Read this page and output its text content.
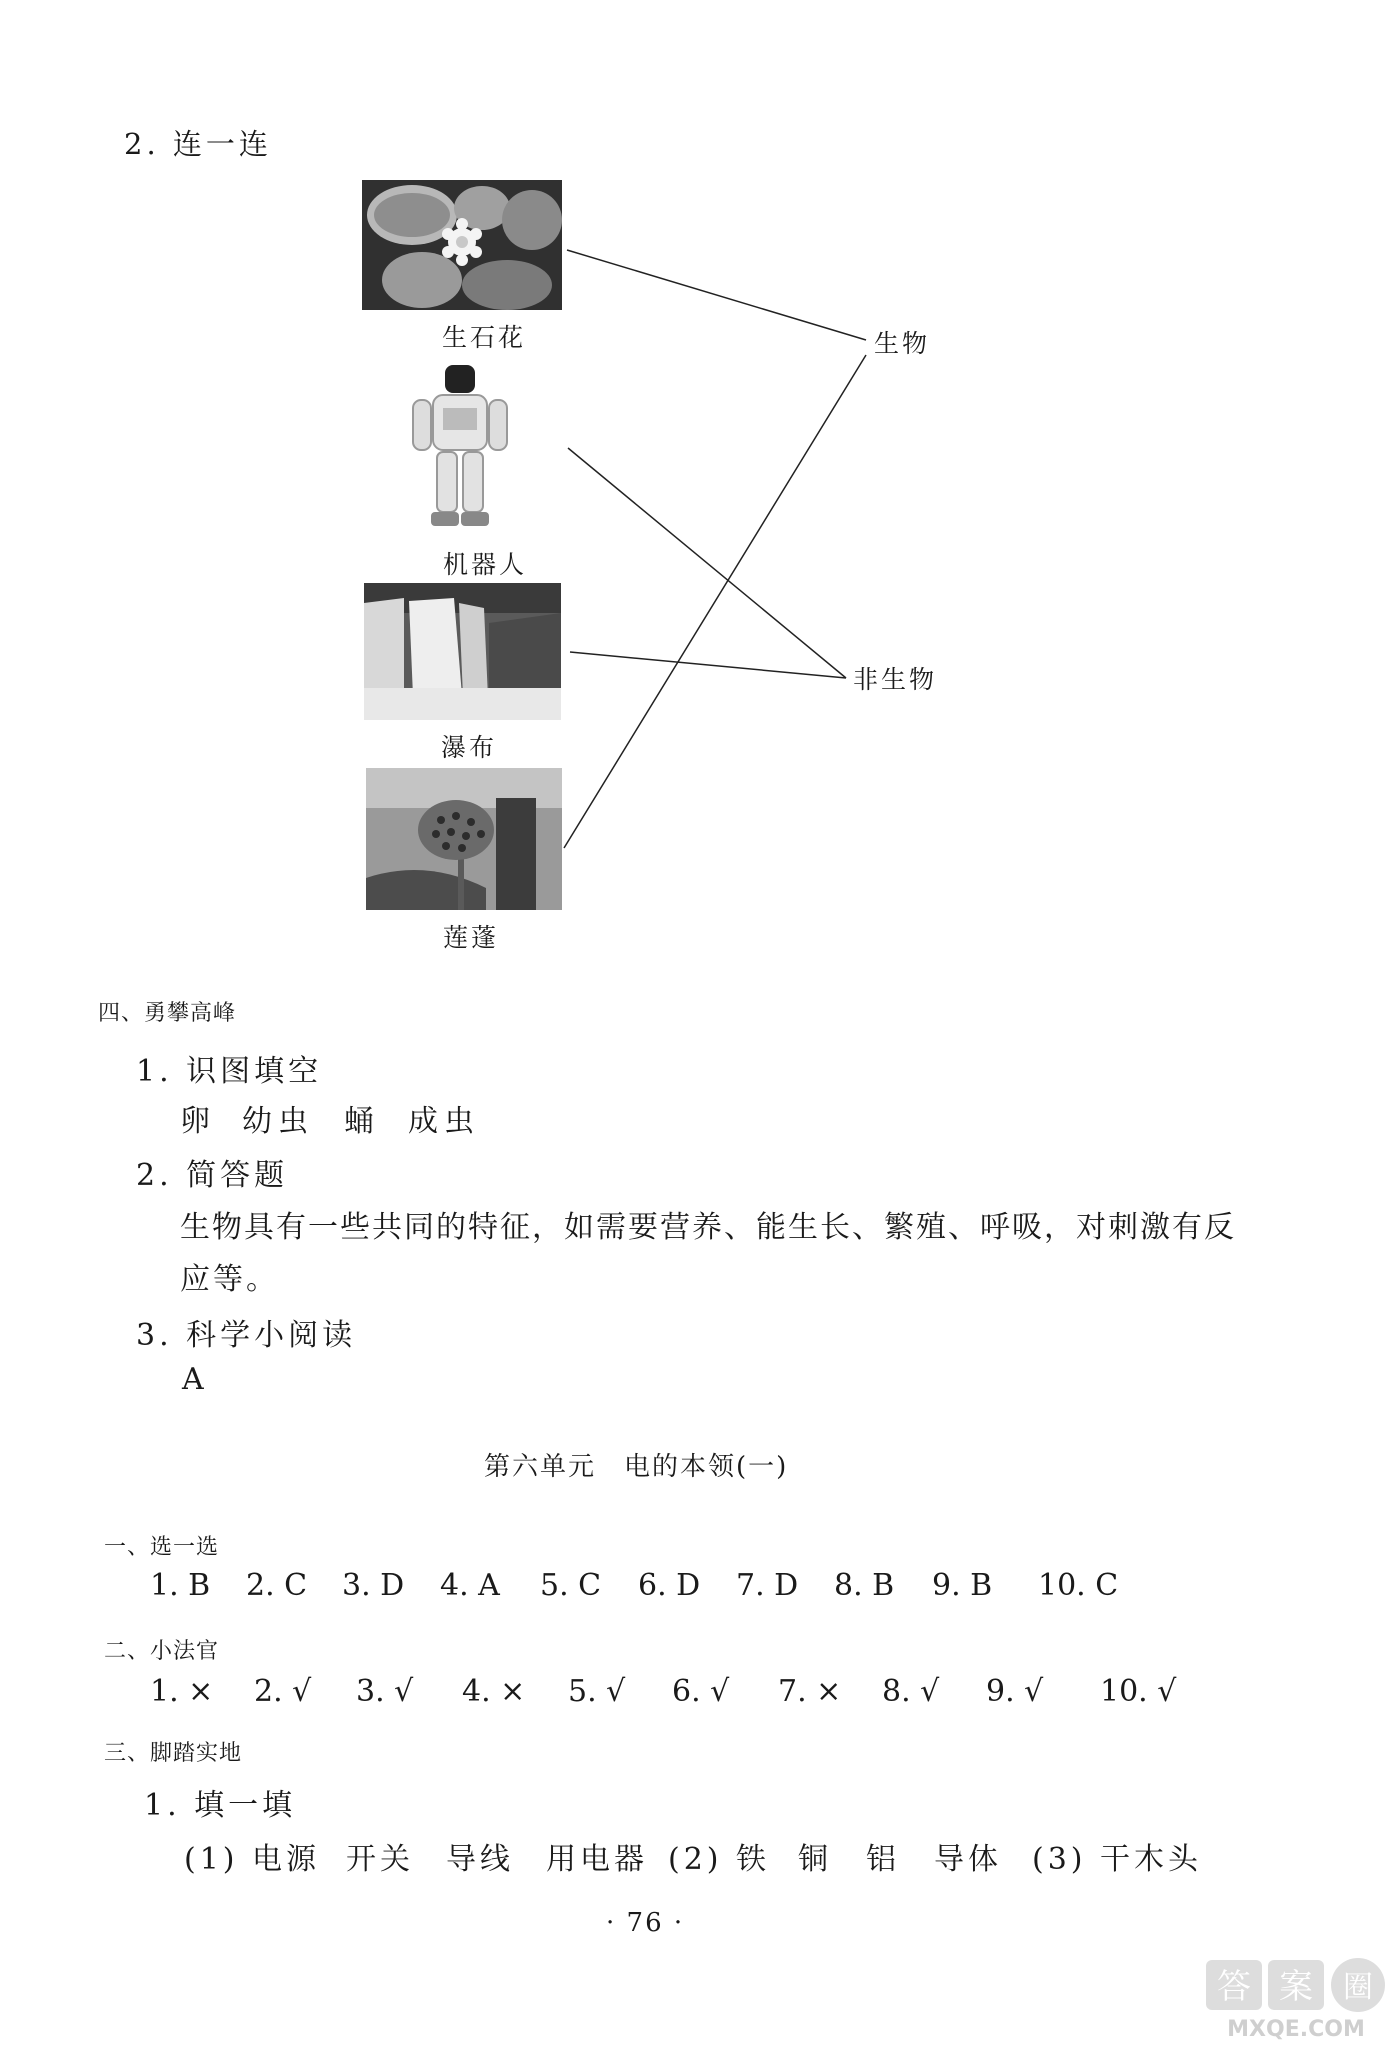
2. 连一连
生石花
机器人
瀑布
莲蓬
生物
非生物
四、勇攀高峰
1. 识图填空
卵 幼虫 蛹 成虫
2. 简答题
生物具有一些共同的特征，如需要营养、能生长、繁殖、呼吸，对刺激有反
应等。
3. 科学小阅读
A
第六单元　电的本领(一)
一、选一选
1. B 2. C 3. D 4. A 5. C 6. D 7. D 8. B 9. B 10. C
二、小法官
1. × 2. √ 3. √ 4. × 5. √ 6. √ 7. × 8. √ 9. √ 10. √
三、脚踏实地
1. 填一填
(1) 电源 开关 导线 用电器 (2) 铁 铜 铝 导体 (3) 干木头
· 76 ·
答 案 圈
MXQE.COM
